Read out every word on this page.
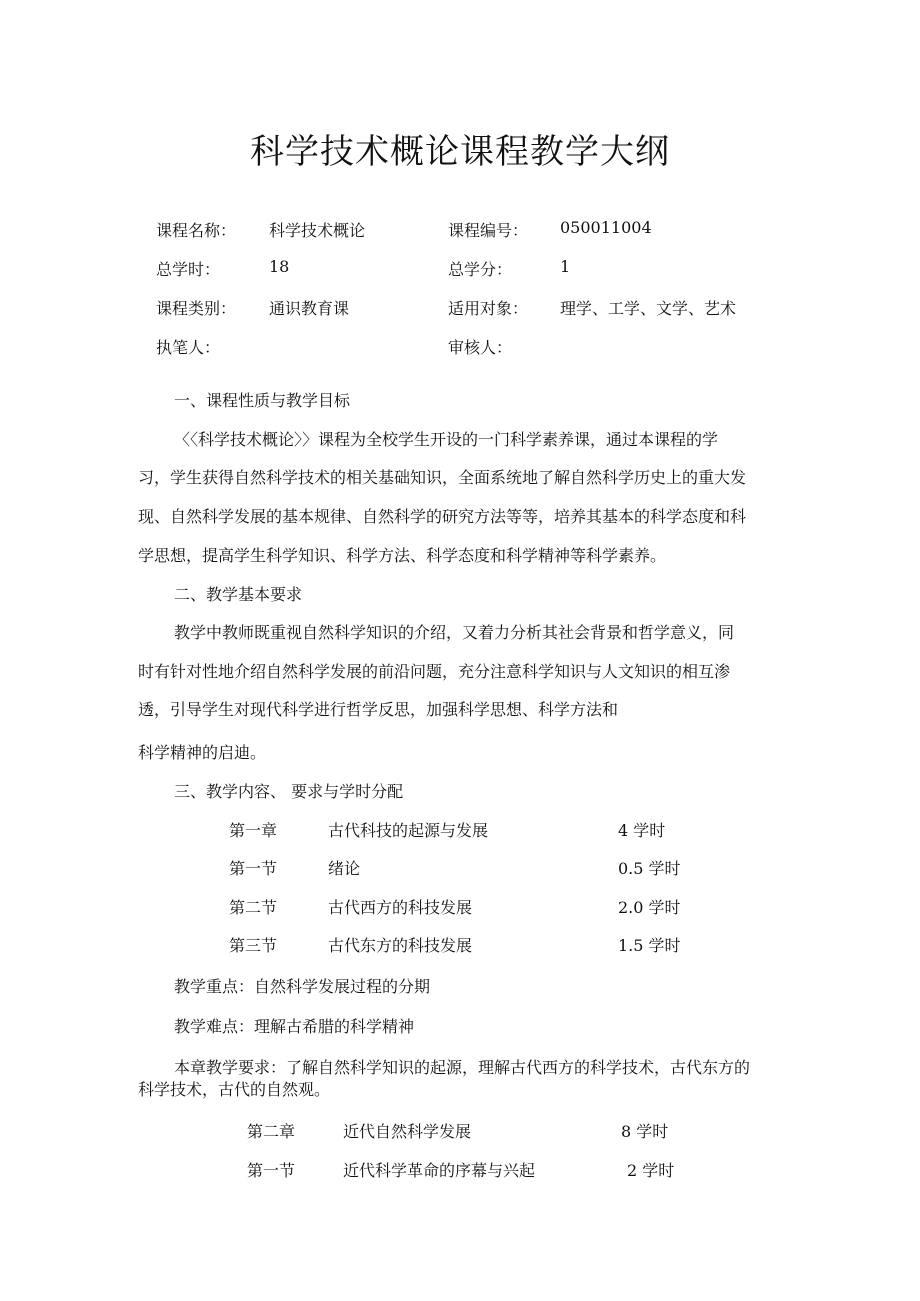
科学技术概论课程教学大纲
课程名称： 科学技术概论	课程编号： 050011004
总学时：	18	总学分：	1
课程类别： 通识教育课	适用对象： 理学、工学、文学、艺术
执笔人：	审核人：
一、课程性质与教学目标
〈〈科学技术概论〉〉课程为全校学生开设的一门科学素养课，通过本课程的学
习，学生获得自然科学技术的相关基础知识，全面系统地了解自然科学历史上的重大发
现、自然科学发展的基本规律、自然科学的研究方法等等，培养其基本的科学态度和科
学思想，提高学生科学知识、科学方法、科学态度和科学精神等科学素养。
二、教学基本要求
教学中教师既重视自然科学知识的介绍，又着力分析其社会背景和哲学意义，同
时有针对性地介绍自然科学发展的前沿问题，充分注意科学知识与人文知识的相互渗
透，引导学生对现代科学进行哲学反思，加强科学思想、科学方法和
科学精神的启迪。
三、教学内容、 要求与学时分配
第一章	古代科技的起源与发展	4 学时
第一节	绪论	0.5 学时
第二节	古代西方的科技发展	2.0 学时
第三节	古代东方的科技发展	1.5 学时
教学重点：自然科学发展过程的分期
教学难点：理解古希腊的科学精神
本章教学要求：了解自然科学知识的起源，理解古代西方的科学技术，古代东方的
科学技术，古代的自然观。
第二章	近代自然科学发展	8 学时
第一节	近代科学革命的序幕与兴起	2 学时
